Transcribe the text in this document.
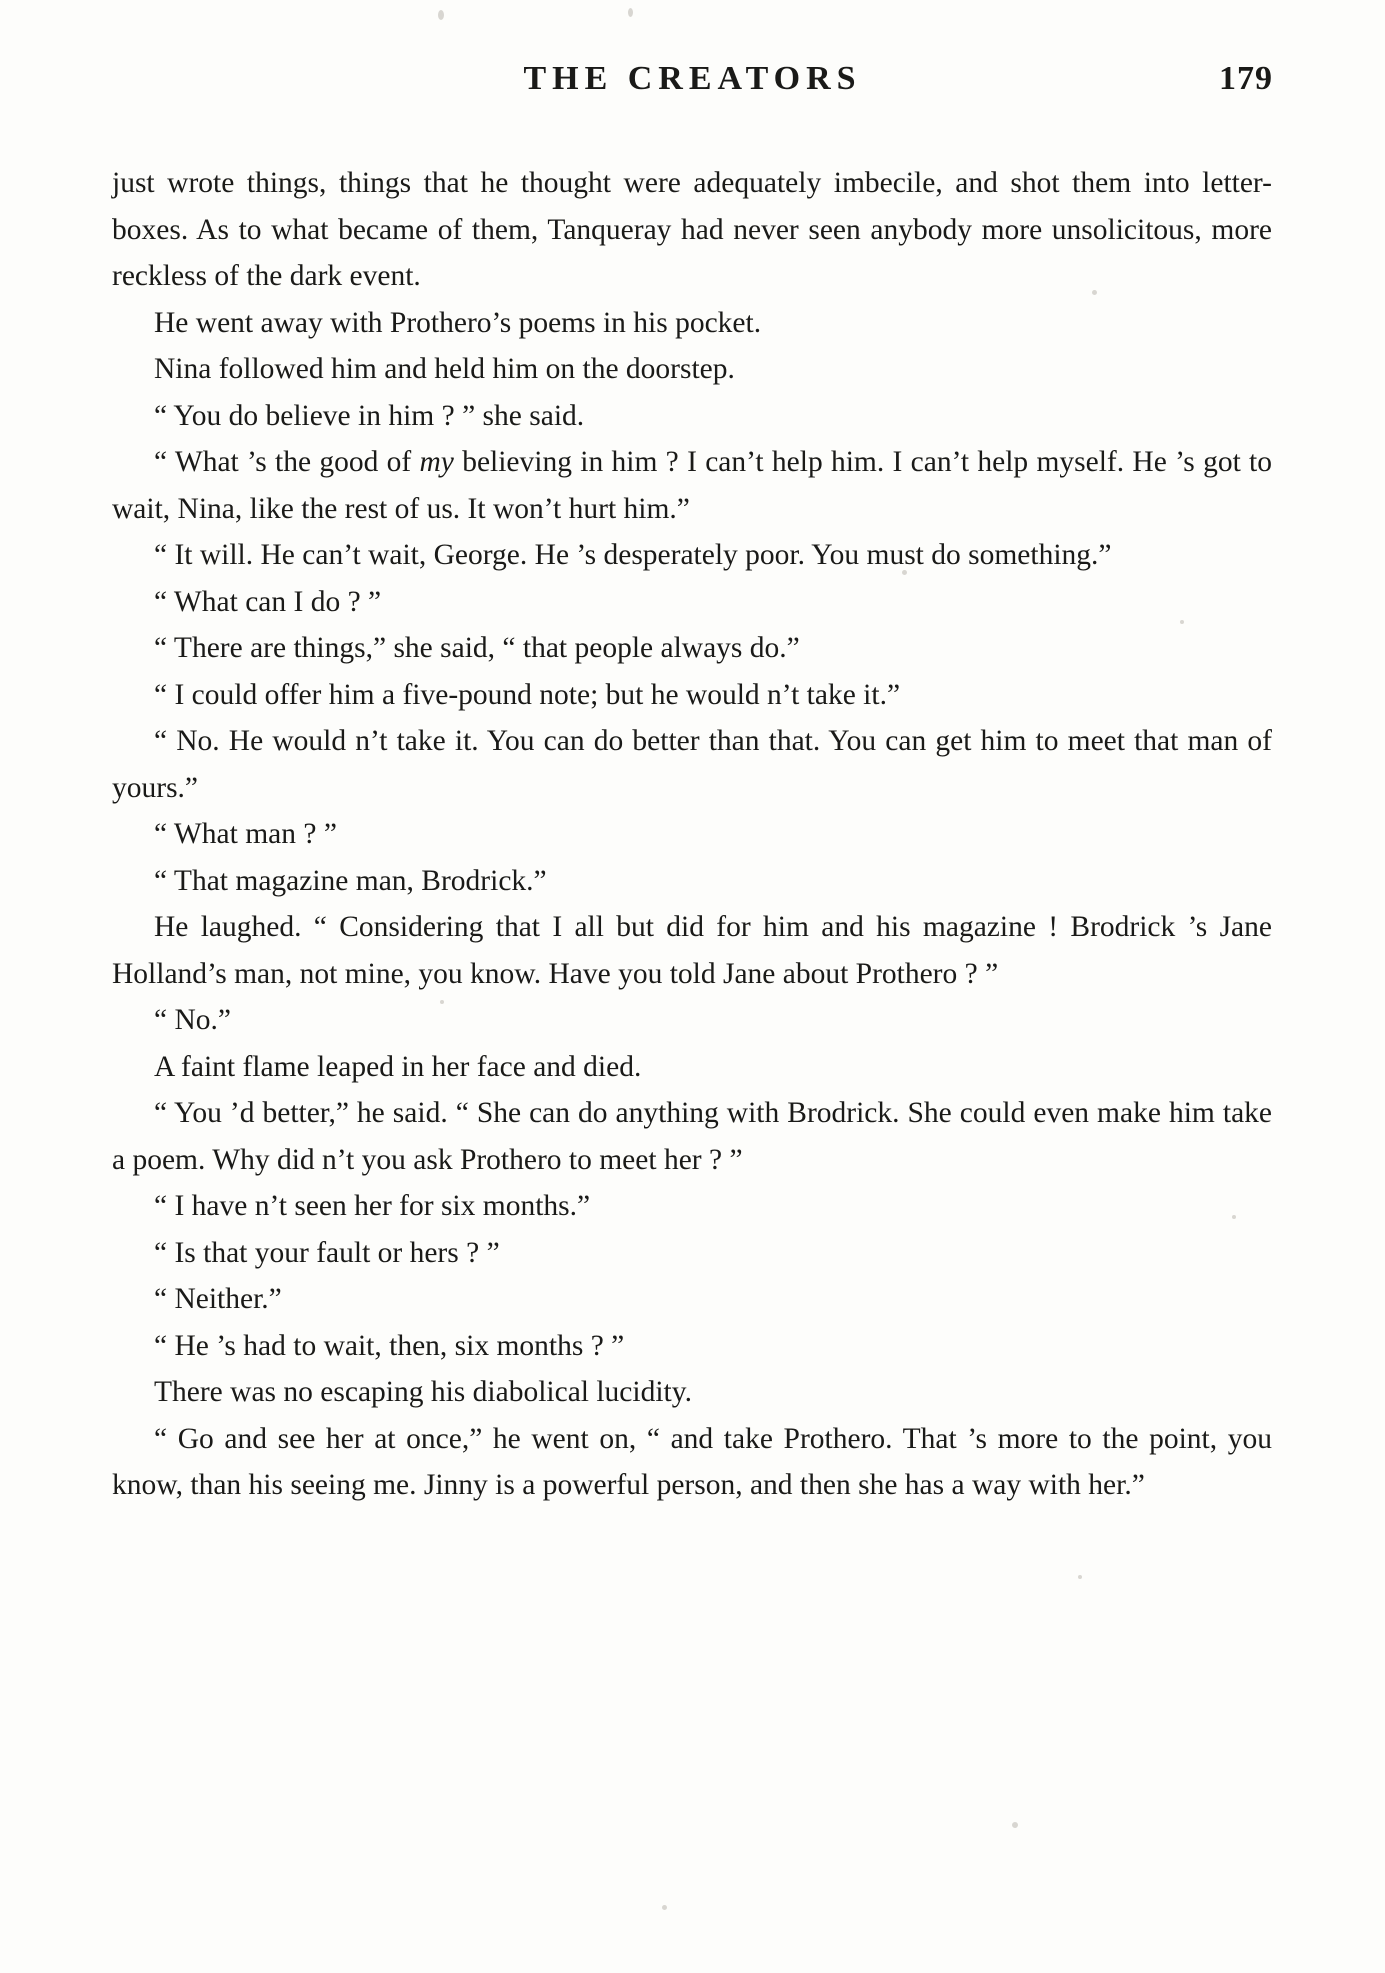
THE CREATORS	179

just wrote things, things that he thought were adequately imbecile, and shot them into letter-boxes. As to what became of them, Tanqueray had never seen anybody more unsolicitous, more reckless of the dark event.

He went away with Prothero’s poems in his pocket.

Nina followed him and held him on the doorstep.

“ You do believe in him ? ” she said.

“ What ’s the good of my believing in him ? I can’t help him. I can’t help myself. He ’s got to wait, Nina, like the rest of us. It won’t hurt him.”

“ It will. He can’t wait, George. He ’s desperately poor. You must do something.”

“ What can I do ? ”

“ There are things,” she said, “ that people always do.”

“ I could offer him a five-pound note; but he would n’t take it.”

“ No. He would n’t take it. You can do better than that. You can get him to meet that man of yours.”

“ What man ? ”

“ That magazine man, Brodrick.”

He laughed. “ Considering that I all but did for him and his magazine ! Brodrick ’s Jane Holland’s man, not mine, you know. Have you told Jane about Prothero ? ”

“ No.”

A faint flame leaped in her face and died.

“ You ’d better,” he said. “ She can do anything with Brodrick. She could even make him take a poem. Why did n’t you ask Prothero to meet her ? ”

“ I have n’t seen her for six months.”

“ Is that your fault or hers ? ”

“ Neither.”

“ He ’s had to wait, then, six months ? ”

There was no escaping his diabolical lucidity.

“ Go and see her at once,” he went on, “ and take Prothero. That ’s more to the point, you know, than his seeing me. Jinny is a powerful person, and then she has a way with her.”
